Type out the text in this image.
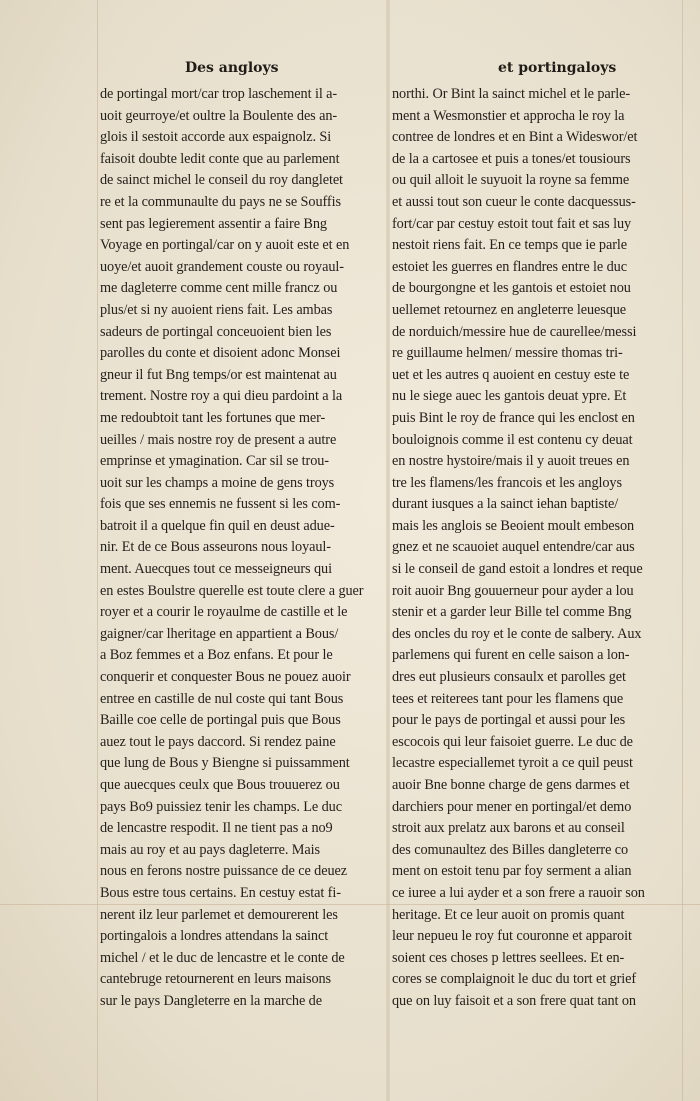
Des angloys	et portingaloys
de portingal mort/car trop laschement il a-
uoit geurroye/et oultre la Boulente des an-
glois il sestoit accorde aux espaignolz. Si
faisoit doubte ledit conte que au parlement
de sainct michel le conseil du roy dangletet
re et la communaulte du pays ne se Souffis
sent pas legierement assentir a faire Bng
Voyage en portingal/car on y auoit este et en
uoye/et auoit grandement couste ou royaul-
me dagleterre comme cent mille francz ou
plus/et si ny auoient riens fait. Les ambas
sadeurs de portingal conceuoient bien les
parolles du conte et disoient adonc Monsei
gneur il fut Bng temps/or est maintenat au
trement. Nostre roy a qui dieu pardoint a la
me redoubtoit tant les fortunes que mer-
ueilles / mais nostre roy de present a autre
emprinse et ymagination. Car sil se trou-
uoit sur les champs a moine de gens troys
fois que ses ennemis ne fussent si les com-
batroit il a quelque fin quil en deust adue-
nir. Et de ce Bous asseurons nous loyaul-
ment. Auecques tout ce messeigneurs qui
en estes Boulstre querelle est toute clere a guer
royer et a courir le royaulme de castille et le
gaigner/car lheritage en appartient a Bous/
a Boz femmes et a Boz enfans. Et pour le
conquerir et conquester Bous ne pouez auoir
entree en castille de nul coste qui tant Bous
Baille coe celle de portingal puis que Bous
auez tout le pays daccord. Si rendez paine
que lung de Bous y Biengne si puissamment
que auecques ceulx que Bous trouuerez ou
pays Bo9 puissiez tenir les champs. Le duc
de lencastre respodit. Il ne tient pas a no9
mais au roy et au pays dagleterre. Mais
nous en ferons nostre puissance de ce deuez
Bous estre tous certains. En cestuy estat fi-
nerent ilz leur parlemet et demourerent les
portingalois a londres attendans la sainct
michel / et le duc de lencastre et le conte de
cantebruge retournerent en leurs maisons
sur le pays Dangleterre en la marche de
northi. Or Bint la sainct michel et le parle-
ment a Wesmonstier et approcha le roy la
contree de londres et en Bint a Wideswor/et
de la a cartosee et puis a tones/et tousiours
ou quil alloit le suyuoit la royne sa femme
et aussi tout son cueur le conte dacquessus-
fort/car par cestuy estoit tout fait et sas luy
nestoit riens fait. En ce temps que ie parle
estoiet les guerres en flandres entre le duc
de bourgongne et les gantois et estoiet nou
uellemet retournez en angleterre leuesque
de norduich/messire hue de caurellee/messi
re guillaume helmen/ messire thomas tri-
uet et les autres q auoient en cestuy este te
nu le siege auec les gantois deuat ypre. Et
puis Bint le roy de france qui les enclost en
bouloignois comme il est contenu cy deuat
en nostre hystoire/mais il y auoit treues en
tre les flamens/les francois et les angloys
durant iusques a la sainct iehan baptiste/
mais les anglois se Beoient moult embeson
gnez et ne scauoiet auquel entendre/car aus
si le conseil de gand estoit a londres et reque
roit auoir Bng gouuerneur pour ayder a lou
stenir et a garder leur Bille tel comme Bng
des oncles du roy et le conte de salbery. Aux
parlemens qui furent en celle saison a lon-
dres eut plusieurs consaulx et parolles get
tees et reiterees tant pour les flamens que
pour le pays de portingal et aussi pour les
escocois qui leur faisoiet guerre. Le duc de
lecastre especiallemet tyroit a ce quil peust
auoir Bne bonne charge de gens darmes et
darchiers pour mener en portingal/et demo
stroit aux prelatz aux barons et au conseil
des comunaultez des Billes dangleterre co
ment on estoit tenu par foy serment a alian
ce iuree a lui ayder et a son frere a rauoir son
heritage. Et ce leur auoit on promis quant
leur nepueu le roy fut couronne et apparoit
soient ces choses p lettres seellees. Et en-
cores se complaignoit le duc du tort et grief
que on luy faisoit et a son frere quat tant on
